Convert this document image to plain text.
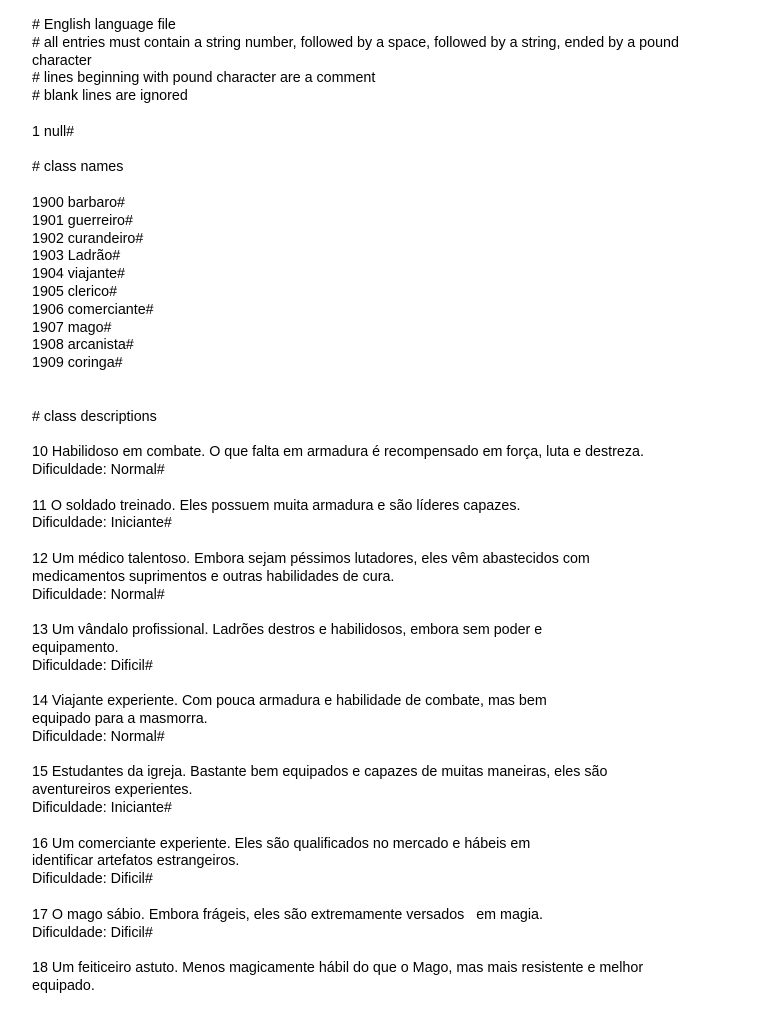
# English language file
# all entries must contain a string number, followed by a space, followed by a string, ended by a pound
character
# lines beginning with pound character are a comment
# blank lines are ignored
1 null#
# class names
1900 barbaro#
1901 guerreiro#
1902 curandeiro#
1903 Ladrão#
1904 viajante#
1905 clerico#
1906 comerciante#
1907 mago#
1908 arcanista#
1909 coringa#
# class descriptions
10 Habilidoso em combate. O que falta em armadura é recompensado em força, luta e destreza.
Dificuldade: Normal#
11 O soldado treinado. Eles possuem muita armadura e são líderes capazes.
Dificuldade: Iniciante#
12 Um médico talentoso. Embora sejam péssimos lutadores, eles vêm abastecidos com
medicamentos suprimentos e outras habilidades de cura.
Dificuldade: Normal#
13 Um vândalo profissional. Ladrões destros e habilidosos, embora sem poder e
equipamento.
Dificuldade: Dificil#
14 Viajante experiente. Com pouca armadura e habilidade de combate, mas bem
equipado para a masmorra.
Dificuldade: Normal#
15 Estudantes da igreja. Bastante bem equipados e capazes de muitas maneiras, eles são
aventureiros experientes.
Dificuldade: Iniciante#
16 Um comerciante experiente. Eles são qualificados no mercado e hábeis em
identificar artefatos estrangeiros.
Dificuldade: Dificil#
17 O mago sábio. Embora frágeis, eles são extremamente versados   em magia.
Dificuldade: Dificil#
18 Um feiticeiro astuto. Menos magicamente hábil do que o Mago, mas mais resistente e melhor
equipado.
